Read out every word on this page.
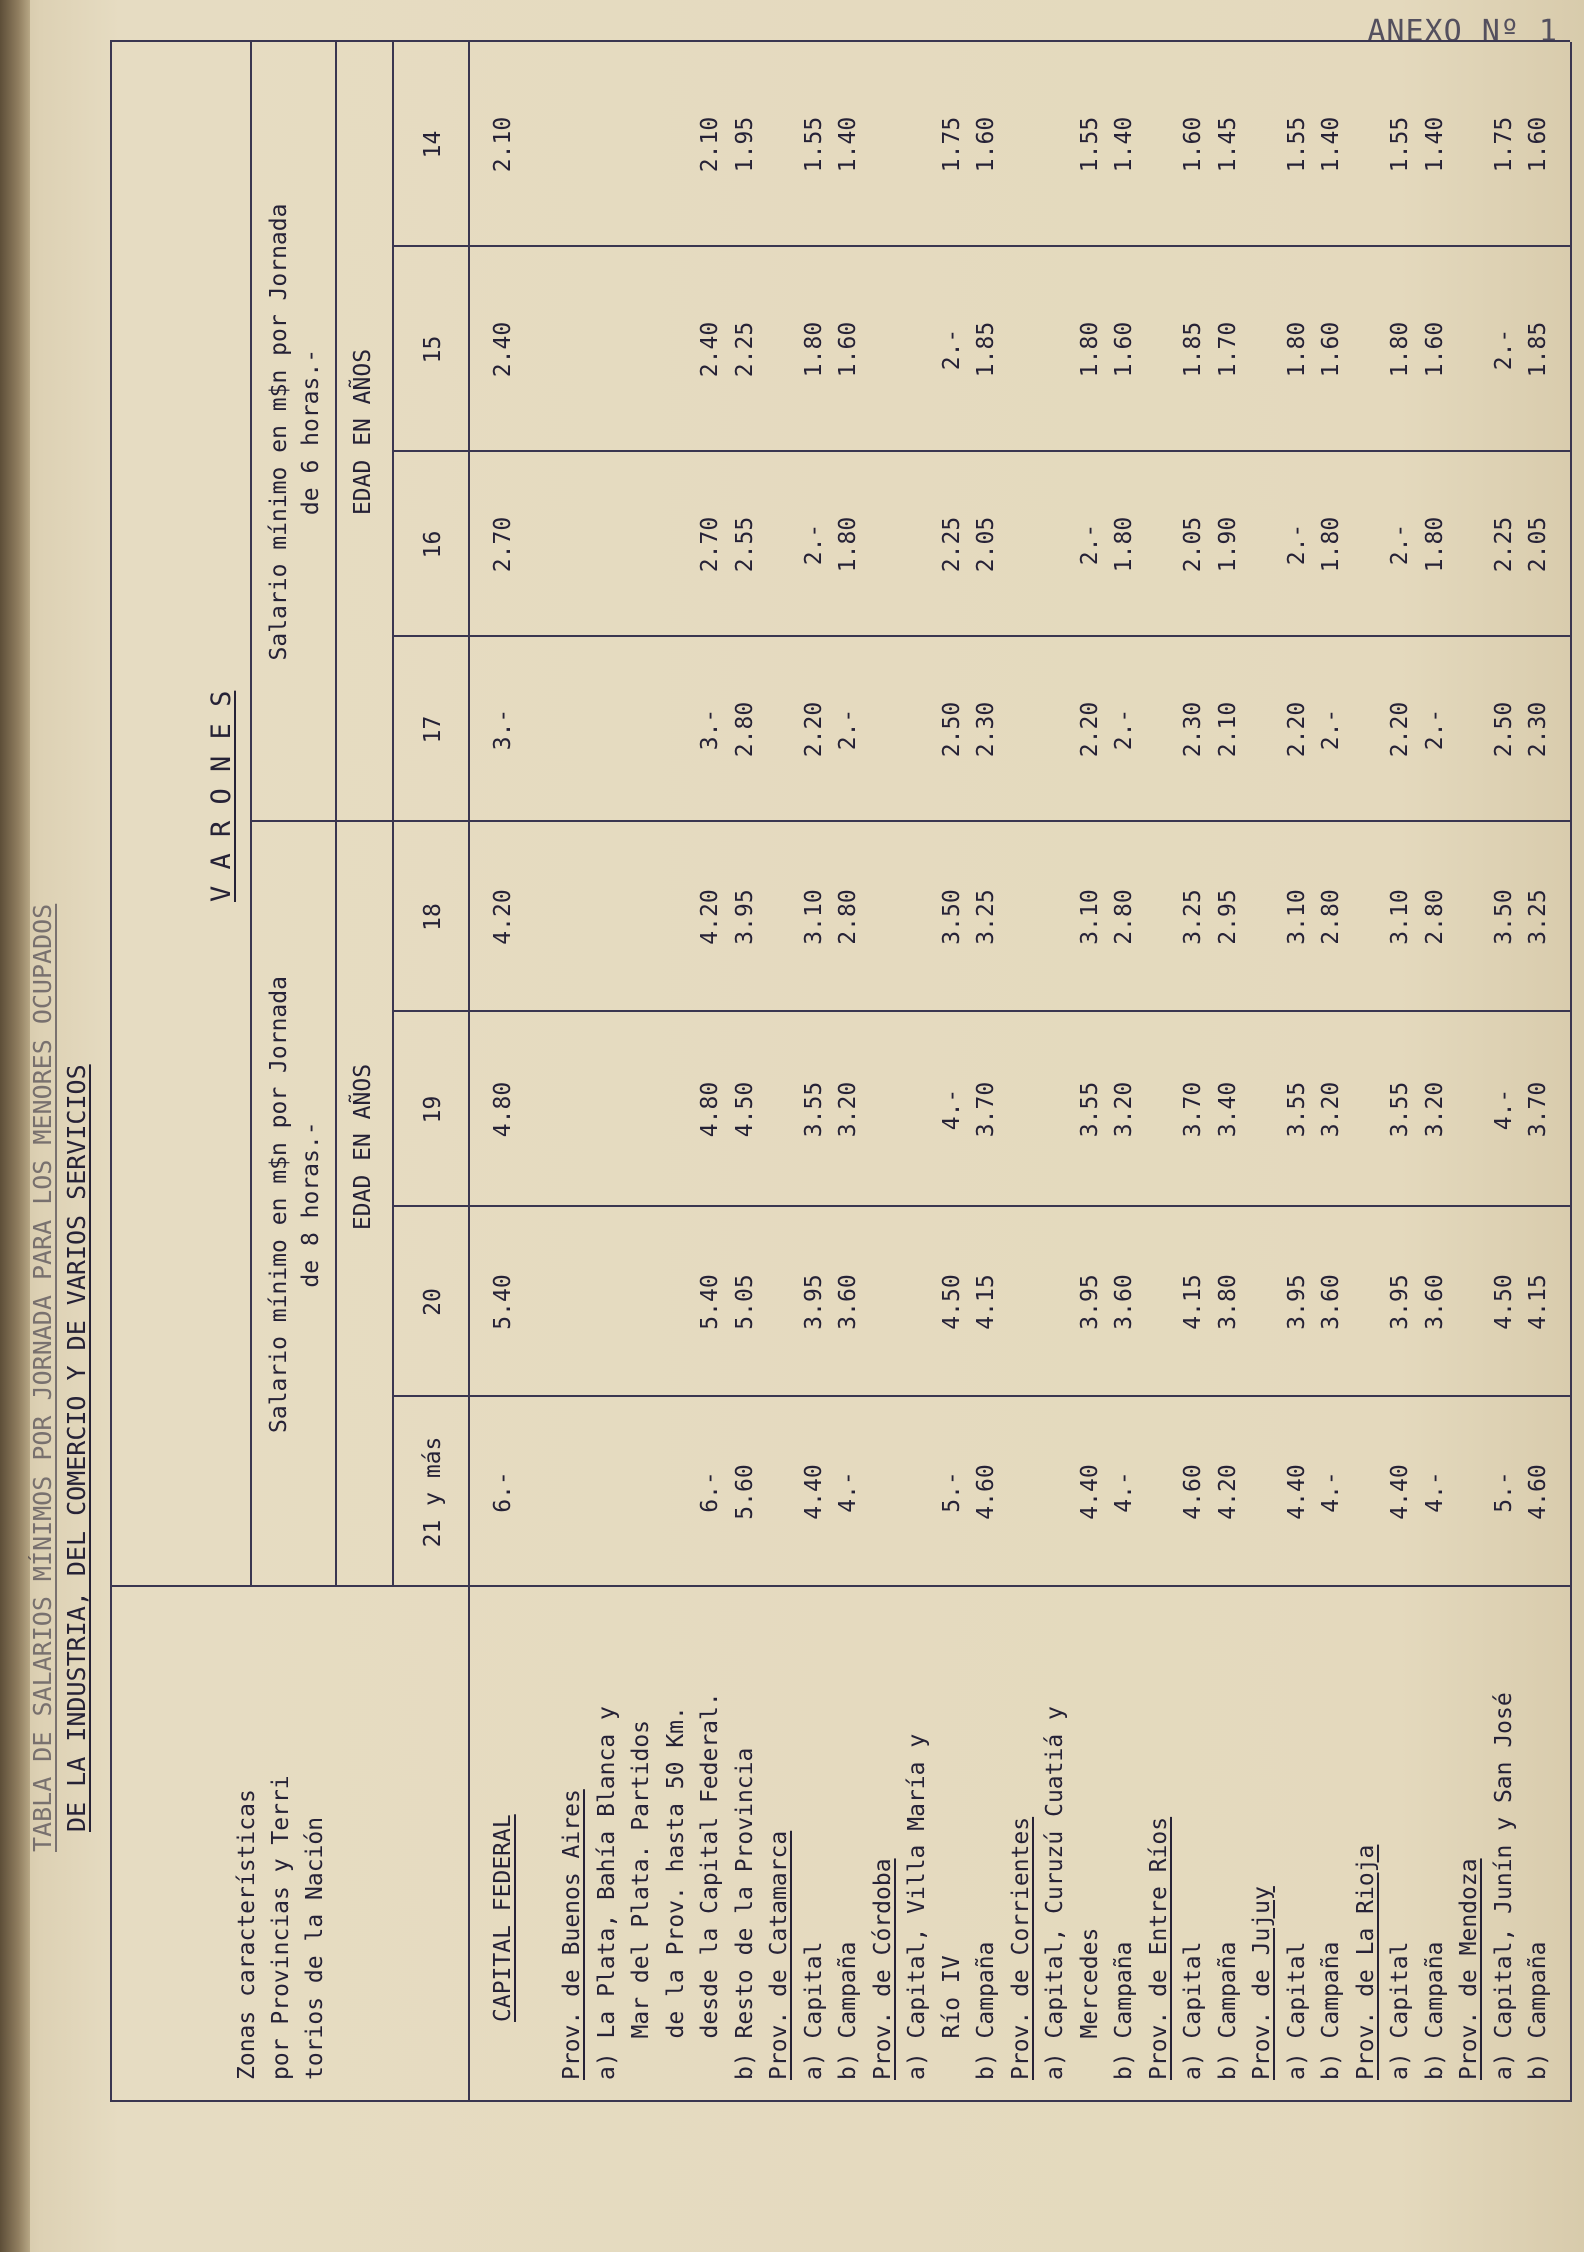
ANEXO Nº 1
TABLA DE SALARIOS MÍNIMOS POR JORNADA PARA LOS MENORES OCUPADOS DE LA INDUSTRIA, DEL COMERCIO Y DE VARIOS SERVICIOS
Zonas características por Provincias y Terri torios de la Nación
V A R O N E S
Salario mínimo en m$n por Jornada de 8 horas.-
Salario mínimo en m$n por Jornada de 6 horas.-
EDAD EN AÑOS
EDAD EN AÑOS
21 y más
20
19
18
17
16
15
14
CAPITAL FEDERAL Prov. de Buenos Aires a) La Plata, Bahía Blanca y Mar del Plata. Partidos de la Prov. hasta 50 Km. desde la Capital Federal. b) Resto de la Provincia Prov. de Catamarca a) Capital b) Campaña Prov. de Córdoba a) Capital, Villa María y Río IV b) Campaña Prov. de Corrientes a) Capital, Curuzú Cuatiá y Mercedes b) Campaña Prov. de Entre Ríos a) Capital b) Campaña Prov. de Jujuy a) Capital b) Campaña Prov. de La Rioja a) Capital b) Campaña Prov. de Mendoza a) Capital, Junín y San José b) Campaña
6.-
5.40
4.80
4.20
3.-
2.70
2.40
2.10
6.-
5.40
4.80
4.20
3.-
2.70
2.40
2.10
5.60
5.05
4.50
3.95
2.80
2.55
2.25
1.95
4.40
3.95
3.55
3.10
2.20
2.-
1.80
1.55
4.-
3.60
3.20
2.80
2.-
1.80
1.60
1.40
5.-
4.50
4.-
3.50
2.50
2.25
2.-
1.75
4.60
4.15
3.70
3.25
2.30
2.05
1.85
1.60
4.40
3.95
3.55
3.10
2.20
2.-
1.80
1.55
4.-
3.60
3.20
2.80
2.-
1.80
1.60
1.40
4.60
4.15
3.70
3.25
2.30
2.05
1.85
1.60
4.20
3.80
3.40
2.95
2.10
1.90
1.70
1.45
4.40
3.95
3.55
3.10
2.20
2.-
1.80
1.55
4.-
3.60
3.20
2.80
2.-
1.80
1.60
1.40
4.40
3.95
3.55
3.10
2.20
2.-
1.80
1.55
4.-
3.60
3.20
2.80
2.-
1.80
1.60
1.40
5.-
4.50
4.-
3.50
2.50
2.25
2.-
1.75
4.60
4.15
3.70
3.25
2.30
2.05
1.85
1.60
